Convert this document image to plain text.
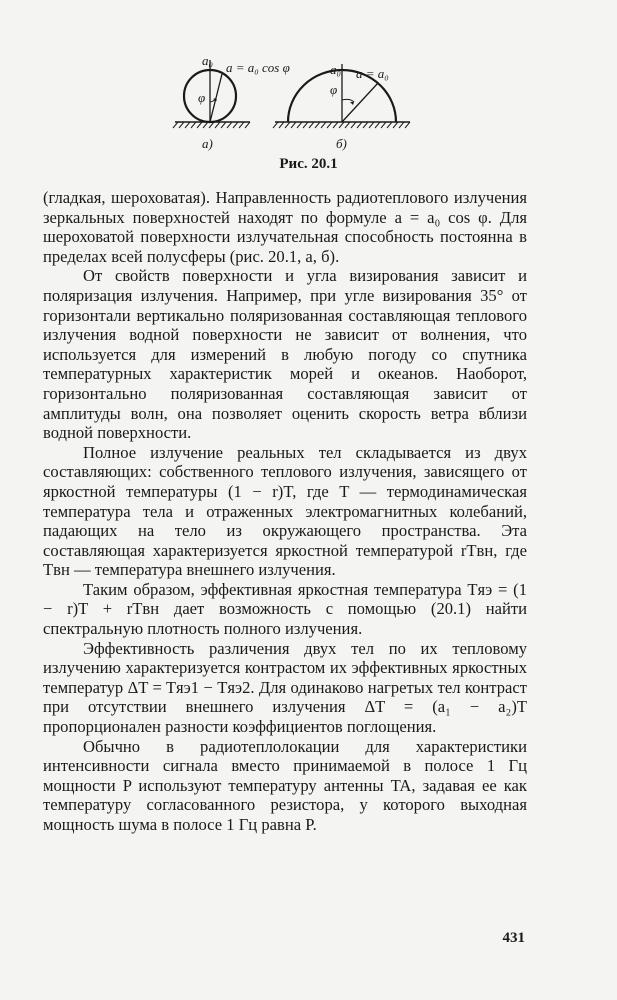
a₀ a = a₀ cos φ
φ
а)
a₀ a = a₀
φ
б)
Рис. 20.1

(гладкая, шероховатая). Направленность радиотеплового излучения зеркальных поверхностей находят по формуле a = a₀ cos φ. Для шероховатой поверхности излучательная способность постоянна в пределах всей полусферы (рис. 20.1, а, б).

От свойств поверхности и угла визирования зависит и поляризация излучения. Например, при угле визирования 35° от горизонтали вертикально поляризованная составляющая теплового излучения водной поверхности не зависит от волнения, что используется для измерений в любую погоду со спутника температурных характеристик морей и океанов. Наоборот, горизонтально поляризованная составляющая зависит от амплитуды волн, она позволяет оценить скорость ветра вблизи водной поверхности.

Полное излучение реальных тел складывается из двух составляющих: собственного теплового излучения, зависящего от яркостной температуры (1 − r)T, где T — термодинамическая температура тела и отраженных электромагнитных колебаний, падающих на тело из окружающего пространства. Эта составляющая характеризуется яркостной температурой rTвн, где Tвн — температура внешнего излучения.

Таким образом, эффективная яркостная температура Tяэ = (1 − r)T + rTвн дает возможность с помощью (20.1) найти спектральную плотность полного излучения.

Эффективность различения двух тел по их тепловому излучению характеризуется контрастом их эффективных яркостных температур ΔT = Tяэ1 − Tяэ2. Для одинаково нагретых тел контраст при отсутствии внешнего излучения ΔT = (a₁ − a₂)T пропорционален разности коэффициентов поглощения.

Обычно в радиотеплолокации для характеристики интенсивности сигнала вместо принимаемой в полосе 1 Гц мощности P используют температуру антенны TA, задавая ее как температуру согласованного резистора, у которого выходная мощность шума в полосе 1 Гц равна P.

431
